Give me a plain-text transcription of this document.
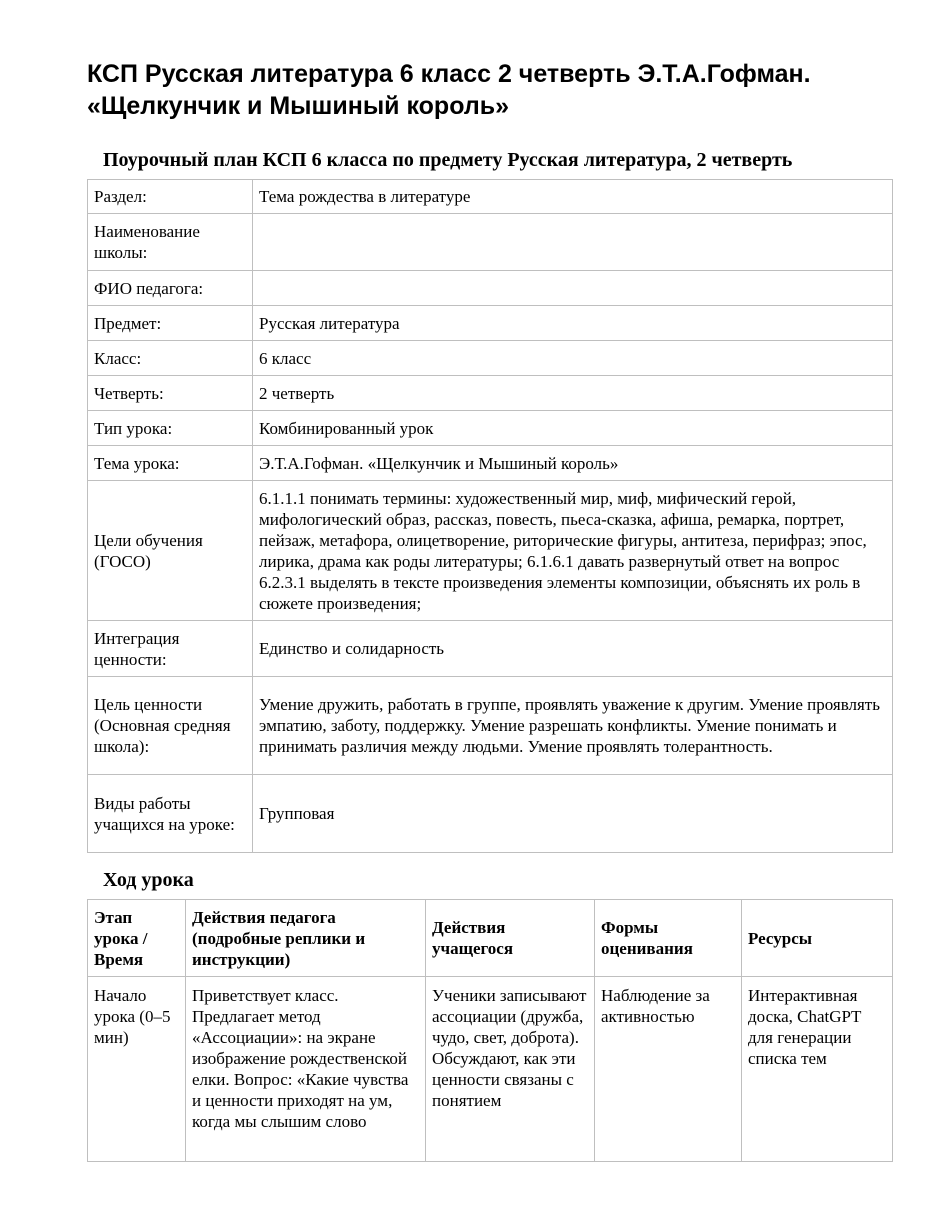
КСП Русская литература 6 класс 2 четверть Э.Т.А.Гофман. «Щелкунчик и Мышиный король»
Поурочный план КСП 6 класса по предмету Русская литература, 2 четверть
Раздел:	Тема рождества в литературе
Наименование школы:	
ФИО педагога:	
Предмет:	Русская литература
Класс:	6 класс
Четверть:	2 четверть
Тип урока:	Комбинированный урок
Тема урока:	Э.Т.А.Гофман. «Щелкунчик и Мышиный король»
Цели обучения (ГОСО)	6.1.1.1 понимать термины: художественный мир, миф, мифический герой, мифологический образ, рассказ, повесть, пьеса-сказка, афиша, ремарка, портрет, пейзаж, метафора, олицетворение, риторические фигуры, антитеза, перифраз; эпос, лирика, драма как роды литературы; 6.1.6.1 давать развернутый ответ на вопрос 6.2.3.1 выделять в тексте произведения элементы композиции, объяснять их роль в сюжете произведения;
Интеграция ценности:	Единство и солидарность
Цель ценности (Основная средняя школа):	Умение дружить, работать в группе, проявлять уважение к другим. Умение проявлять эмпатию, заботу, поддержку. Умение разрешать конфликты. Умение понимать и принимать различия между людьми. Умение проявлять толерантность.
Виды работы учащихся на уроке:	Групповая
Ход урока
Этап урока / Время	Действия педагога (подробные реплики и инструкции)	Действия учащегося	Формы оценивания	Ресурсы
Начало урока (0–5 мин)	Приветствует класс. Предлагает метод «Ассоциации»: на экране изображение рождественской елки. Вопрос: «Какие чувства и ценности приходят на ум, когда мы слышим слово	Ученики записывают ассоциации (дружба, чудо, свет, доброта). Обсуждают, как эти ценности связаны с понятием	Наблюдение за активностью	Интерактивная доска, ChatGPT для генерации списка тем
